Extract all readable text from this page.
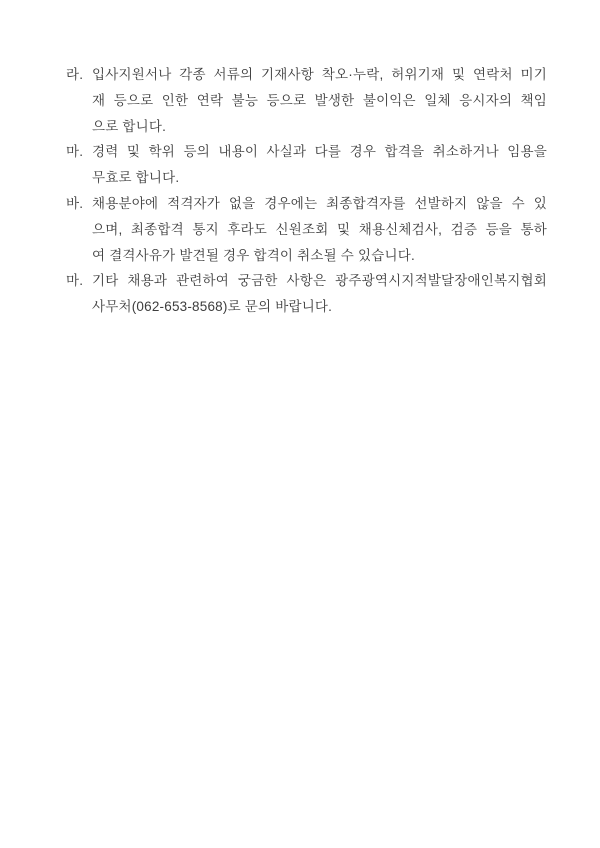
라. 입사지원서나 각종 서류의 기재사항 착오·누락, 허위기재 및 연락처 미기
재 등으로 인한 연락 불능 등으로 발생한 불이익은 일체 응시자의 책임
으로 합니다.
마. 경력 및 학위 등의 내용이 사실과 다를 경우 합격을 취소하거나 임용을
무효로 합니다.
바. 채용분야에 적격자가 없을 경우에는 최종합격자를 선발하지 않을 수 있
으며, 최종합격 통지 후라도 신원조회 및 채용신체검사, 검증 등을 통하
여 결격사유가 발견될 경우 합격이 취소될 수 있습니다.
마. 기타 채용과 관련하여 궁금한 사항은 광주광역시지적발달장애인복지협회
사무처(062-653-8568)로 문의 바랍니다.
